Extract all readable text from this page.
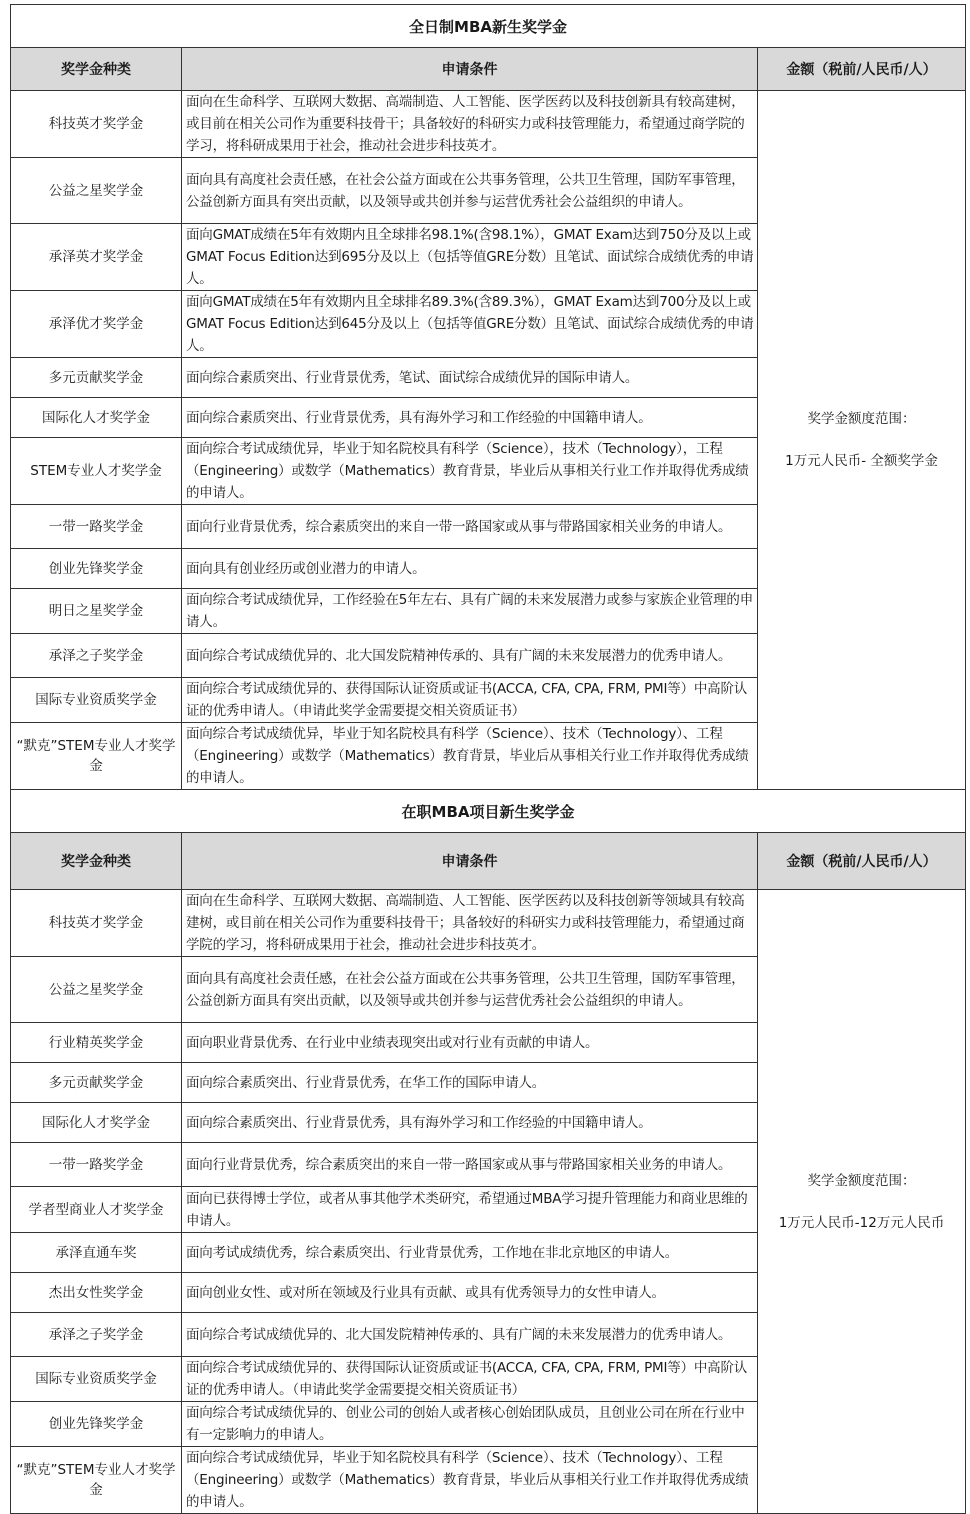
全日制MBA新生奖学金		
奖学金种类	申请条件	金额（税前/人民币/人）
科技英才奖学金	面向在生命科学、互联网大数据、高端制造、人工智能、医学医药以及科技创新具有较高建树，或目前在相关公司作为重要科技骨干；具备较好的科研实力或科技管理能力，希望通过商学院的学习，将科研成果用于社会，推动社会进步科技英才。	奖学金额度范围：
1万元人民币- 全额奖学金

公益之星奖学金	面向具有高度社会责任感，在社会公益方面或在公共事务管理，公共卫生管理，国防军事管理，公益创新方面具有突出贡献，以及领导或共创并参与运营优秀社会公益组织的申请人。	
承泽英才奖学金	面向GMAT成绩在5年有效期内且全球排名98.1%(含98.1%），GMAT Exam达到750分及以上或GMAT Focus Edition达到695分及以上（包括等值GRE分数）且笔试、面试综合成绩优秀的申请人。	
承泽优才奖学金	面向GMAT成绩在5年有效期内且全球排名89.3%(含89.3%），GMAT Exam达到700分及以上或GMAT Focus Edition达到645分及以上（包括等值GRE分数）且笔试、面试综合成绩优秀的申请人。	
多元贡献奖学金	面向综合素质突出、行业背景优秀，笔试、面试综合成绩优异的国际申请人。	
国际化人才奖学金	面向综合素质突出、行业背景优秀，具有海外学习和工作经验的中国籍申请人。	
STEM专业人才奖学金	面向综合考试成绩优异，毕业于知名院校具有科学（Science），技术（Technology），工程（Engineering）或数学（Mathematics）教育背景，毕业后从事相关行业工作并取得优秀成绩的申请人。	
一带一路奖学金	面向行业背景优秀，综合素质突出的来自一带一路国家或从事与带路国家相关业务的申请人。	
创业先锋奖学金	面向具有创业经历或创业潜力的申请人。	
明日之星奖学金	面向综合考试成绩优异，工作经验在5年左右、具有广阔的未来发展潜力或参与家族企业管理的申请人。	
承泽之子奖学金	面向综合考试成绩优异的、北大国发院精神传承的、具有广阔的未来发展潜力的优秀申请人。	
国际专业资质奖学金	面向综合考试成绩优异的、获得国际认证资质或证书(ACCA, CFA, CPA, FRM, PMI等）中高阶认证的优秀申请人。（申请此奖学金需要提交相关资质证书）	
“默克”STEM专业人才奖学金	面向综合考试成绩优异，毕业于知名院校具有科学（Science）、技术（Technology）、工程（Engineering）或数学（Mathematics）教育背景，毕业后从事相关行业工作并取得优秀成绩的申请人。	
在职MBA项目新生奖学金		
奖学金种类	申请条件	金额（税前/人民币/人）
科技英才奖学金	面向在生命科学、互联网大数据、高端制造、人工智能、医学医药以及科技创新等领域具有较高建树，或目前在相关公司作为重要科技骨干；具备较好的科研实力或科技管理能力，希望通过商学院的学习，将科研成果用于社会，推动社会进步科技英才。	奖学金额度范围：
1万元人民币-12万元人民币

公益之星奖学金	面向具有高度社会责任感，在社会公益方面或在公共事务管理，公共卫生管理，国防军事管理，公益创新方面具有突出贡献，以及领导或共创并参与运营优秀社会公益组织的申请人。	
行业精英奖学金	面向职业背景优秀、在行业中业绩表现突出或对行业有贡献的申请人。	
多元贡献奖学金	面向综合素质突出、行业背景优秀，在华工作的国际申请人。	
国际化人才奖学金	面向综合素质突出、行业背景优秀，具有海外学习和工作经验的中国籍申请人。	
一带一路奖学金	面向行业背景优秀，综合素质突出的来自一带一路国家或从事与带路国家相关业务的申请人。	
学者型商业人才奖学金	面向已获得博士学位，或者从事其他学术类研究，希望通过MBA学习提升管理能力和商业思维的申请人。	
承泽直通车奖	面向考试成绩优秀，综合素质突出、行业背景优秀，工作地在非北京地区的申请人。	
杰出女性奖学金	面向创业女性、或对所在领域及行业具有贡献、或具有优秀领导力的女性申请人。	
承泽之子奖学金	面向综合考试成绩优异的、北大国发院精神传承的、具有广阔的未来发展潜力的优秀申请人。	
国际专业资质奖学金	面向综合考试成绩优异的、获得国际认证资质或证书(ACCA, CFA, CPA, FRM, PMI等）中高阶认证的优秀申请人。（申请此奖学金需要提交相关资质证书）	
创业先锋奖学金	面向综合考试成绩优异的、创业公司的创始人或者核心创始团队成员，且创业公司在所在行业中有一定影响力的申请人。	
“默克”STEM专业人才奖学金	面向综合考试成绩优异，毕业于知名院校具有科学（Science）、技术（Technology）、工程（Engineering）或数学（Mathematics）教育背景，毕业后从事相关行业工作并取得优秀成绩的申请人。	
